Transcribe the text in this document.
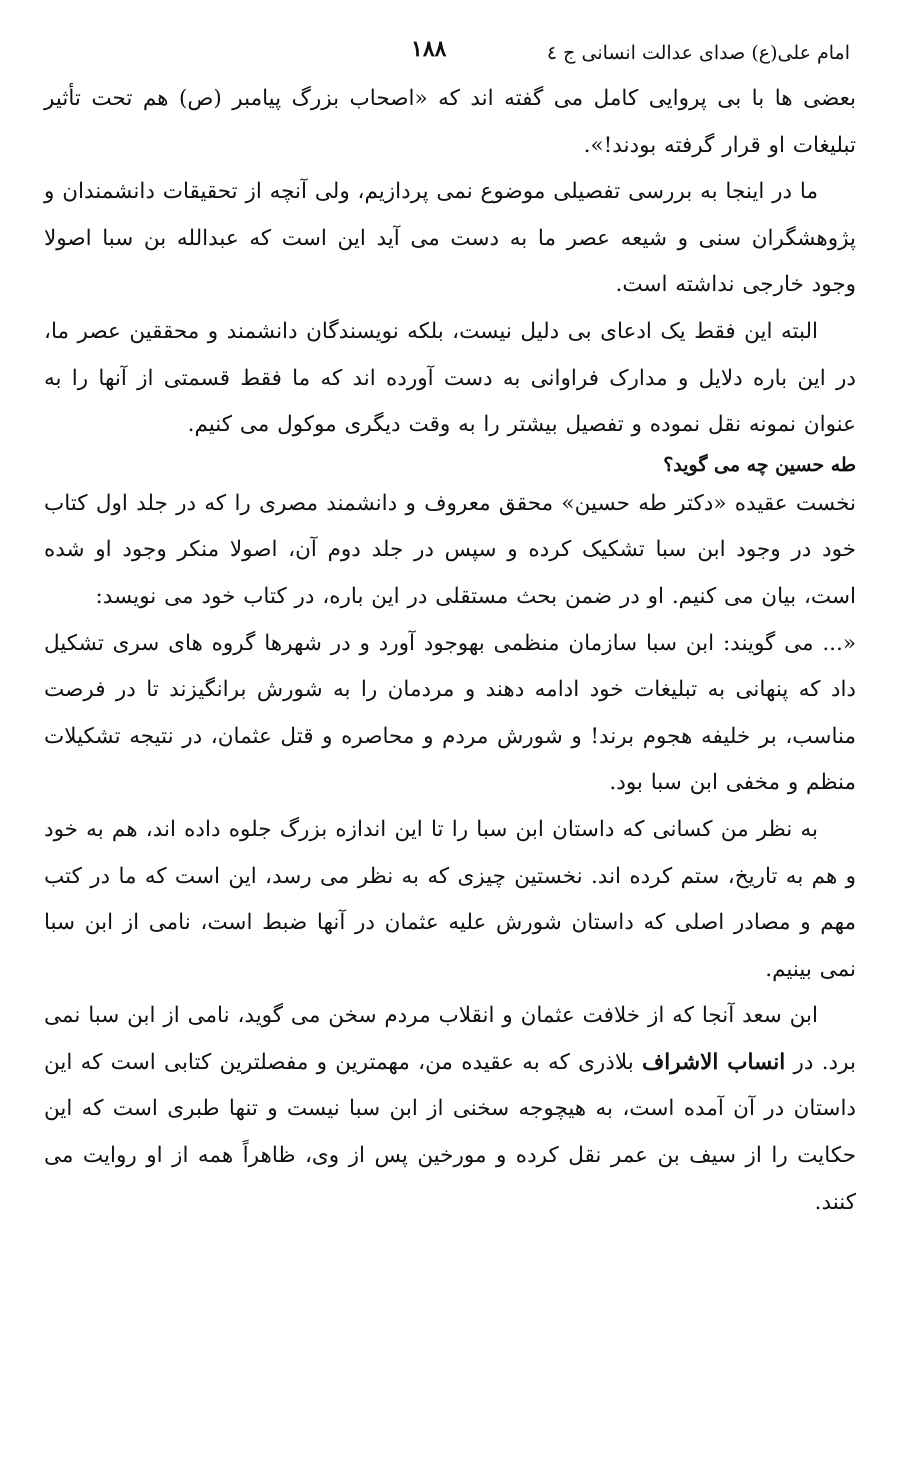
امام علی(ع) صدای عدالت انسانی ج ٤
۱۸۸

بعضی ها با بی پروایی کامل می گفته اند که «اصحاب بزرگ پیامبر (ص) هم تحت تأثیر تبلیغات او قرار گرفته بودند!».

ما در اینجا به بررسی تفصیلی موضوع نمی پردازیم، ولی آنچه از تحقیقات دانشمندان و پژوهشگران سنی و شیعه عصر ما به دست می آید این است که عبدالله بن سبا اصولا وجود خارجی نداشته است.

البته این فقط یک ادعای بی دلیل نیست، بلکه نویسندگان دانشمند و محققین عصر ما، در این باره دلایل و مدارک فراوانی به دست آورده اند که ما فقط قسمتی از آنها را به عنوان نمونه نقل نموده و تفصیل بیشتر را به وقت دیگری موکول می کنیم.

طه حسین چه می گوید؟

نخست عقیده «دکتر طه حسین» محقق معروف و دانشمند مصری را که در جلد اول کتاب خود در وجود ابن سبا تشکیک کرده و سپس در جلد دوم آن، اصولا منکر وجود او شده است، بیان می کنیم. او در ضمن بحث مستقلی در این باره، در کتاب خود می نویسد:

«... می گویند: ابن سبا سازمان منظمی بهوجود آورد و در شهرها گروه های سری تشکیل داد که پنهانی به تبلیغات خود ادامه دهند و مردمان را به شورش برانگیزند تا در فرصت مناسب، بر خلیفه هجوم برند! و شورش مردم و محاصره و قتل عثمان، در نتیجه تشکیلات منظم و مخفی ابن سبا بود.

به نظر من کسانی که داستان ابن سبا را تا این اندازه بزرگ جلوه داده اند، هم به خود و هم به تاریخ، ستم کرده اند. نخستین چیزی که به نظر می رسد، این است که ما در کتب مهم و مصادر اصلی که داستان شورش علیه عثمان در آنها ضبط است، نامی از ابن سبا نمی بینیم.

ابن سعد آنجا که از خلافت عثمان و انقلاب مردم سخن می گوید، نامی از ابن سبا نمی برد. در انساب الاشراف بلاذری که به عقیده من، مهمترین و مفصلترین کتابی است که این داستان در آن آمده است، به هیچوجه سخنی از ابن سبا نیست و تنها طبری است که این حکایت را از سیف بن عمر نقل کرده و مورخین پس از وی، ظاهراً همه از او روایت می کنند.
